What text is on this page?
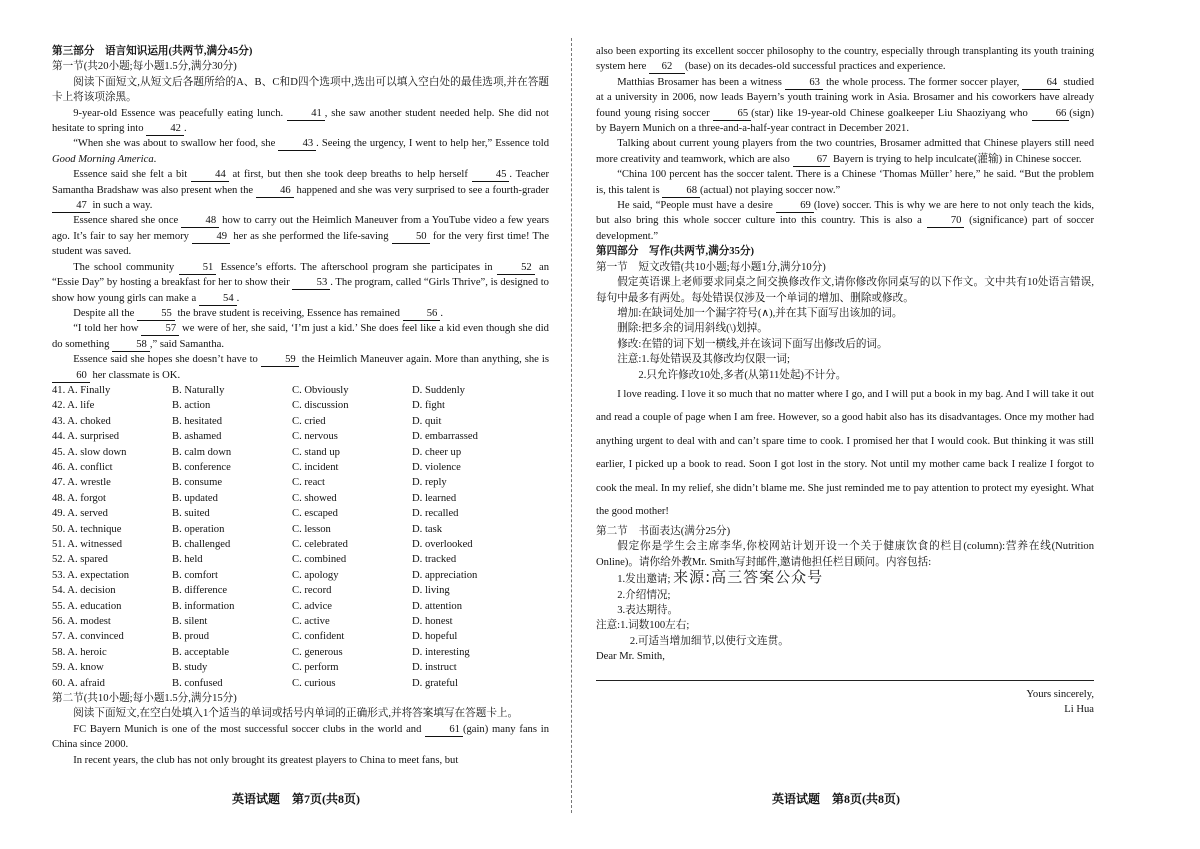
第三部分　语言知识运用(共两节,满分45分)
第一节(共20小题;每小题1.5分,满分30分)
阅读下面短文,从短文后各题所给的A、B、C和D四个选项中,选出可以填入空白处的最佳选项,并在答题卡上将该项涂黑。
9-year-old Essence was peacefully eating lunch.	41 , she saw another student needed help. She did not hesitate to spring into	42 .
“When she was about to swallow her food, she	43 . Seeing the urgency, I went to help her,” Essence told Good Morning America.
Essence said she felt a bit	44 at first, but then she took deep breaths to help herself	45 . Teacher Samantha Bradshaw was also present when the	46 happened and she was very surprised to see a fourth-grader 47 in such a way.
Essence shared she once	48 how to carry out the Heimlich Maneuver from a YouTube video a few years ago. It’s fair to say her memory	49 her as she performed the life-saving	50 for the very first time! The student was saved.
The school community	51 Essence’s efforts. The afterschool program she participates in	52 an “Essie Day” by hosting a breakfast for her to show their	53 . The program, called “Girls Thrive”, is designed to show how young girls can make a	54 .
Despite all the	55 the brave student is receiving, Essence has remained	56 .
“I told her how	57 we were of her, she said, ‘I’m just a kid.’ She does feel like a kid even though she did do something	58 ,” said Samantha.
Essence said she hopes she doesn’t have to	59 the Heimlich Maneuver again. More than anything, she is 60 her classmate is OK.
41. A. Finally	B. Naturally	C. Obviously	D. Suddenly
42. A. life	B. action	C. discussion	D. fight
43. A. choked	B. hesitated	C. cried	D. quit
44. A. surprised	B. ashamed	C. nervous	D. embarrassed
45. A. slow down	B. calm down	C. stand up	D. cheer up
46. A. conflict	B. conference	C. incident	D. violence
47. A. wrestle	B. consume	C. react	D. reply
48. A. forgot	B. updated	C. showed	D. learned
49. A. served	B. suited	C. escaped	D. recalled
50. A. technique	B. operation	C. lesson	D. task
51. A. witnessed	B. challenged	C. celebrated	D. overlooked
52. A. spared	B. held	C. combined	D. tracked
53. A. expectation	B. comfort	C. apology	D. appreciation
54. A. decision	B. difference	C. record	D. living
55. A. education	B. information	C. advice	D. attention
56. A. modest	B. silent	C. active	D. honest
57. A. convinced	B. proud	C. confident	D. hopeful
58. A. heroic	B. acceptable	C. generous	D. interesting
59. A. know	B. study	C. perform	D. instruct
60. A. afraid	B. confused	C. curious	D. grateful
第二节(共10小题;每小题1.5分,满分15分)
阅读下面短文,在空白处填入1个适当的单词或括号内单词的正确形式,并将答案填写在答题卡上。
FC Bayern Munich is one of the most successful soccer clubs in the world and	61 (gain) many fans in China since 2000.
In recent years, the club has not only brought its greatest players to China to meet fans, but
also been exporting its excellent soccer philosophy to the country, especially through transplanting its youth training system here 62 (base) on its decades-old successful practices and experience.
Matthias Brosamer has been a witness	63 the whole process. The former soccer player,	64 studied at a university in 2006, now leads Bayern’s youth training work in Asia. Brosamer and his coworkers have already found young rising soccer	65 (star) like 19-year-old Chinese goalkeeper Liu Shaoziyang who	66 (sign) by Bayern Munich on a three-and-a-half-year contract in December 2021.
Talking about current young players from the two countries, Brosamer admitted that Chinese players still need more creativity and teamwork, which are also	67 Bayern is trying to help inculcate(灌输) in Chinese soccer.
“China 100 percent has the soccer talent. There is a Chinese ‘Thomas Müller’ here,” he said. “But the problem is, this talent is	68 (actual) not playing soccer now.”
He said, “People must have a desire	69 (love) soccer. This is why we are here to not only teach the kids, but also bring this whole soccer culture into this country. This is also a	70 (significance) part of soccer development.”
第四部分　写作(共两节,满分35分)
第一节　短文改错(共10小题;每小题1分,满分10分)
假定英语课上老师要求同桌之间交换修改作文,请你修改你同桌写的以下作文。文中共有10处语言错误,每句中最多有两处。每处错误仅涉及一个单词的增加、删除或修改。
增加:在缺词处加一个漏字符号(∧),并在其下面写出该加的词。
删除:把多余的词用斜线(\)划掉。
修改:在错的词下划一横线,并在该词下面写出修改后的词。
注意:1.每处错误及其修改均仅限一词;
2.只允许修改10处,多者(从第11处起)不计分。
I love reading. I love it so much that no matter where I go, and I will put a book in my bag. And I will take it out and read a couple of page when I am free. However, so a good habit also has its disadvantages. Once my mother had anything urgent to deal with and can’t spare time to cook. I promised her that I would cook. But thinking it was still earlier, I picked up a book to read. Soon I got lost in the story. Not until my mother came back I realize I forgot to cook the meal. In my relief, she didn’t blame me. She just reminded me to pay attention to protect my eyesight. What the good mother!
第二节　书面表达(满分25分)
假定你是学生会主席李华,你校网站计划开设一个关于健康饮食的栏目(column):营养在线(Nutrition Online)。请你给外教Mr. Smith写封邮件,邀请他担任栏目顾问。内容包括:
1.发出邀请; 来源:高三答案公众号
2.介绍情况;
3.表达期待。
注意:1.词数100左右;
2.可适当增加细节,以使行文连贯。
Dear Mr. Smith,
Yours sincerely,
Li Hua
英语试题　第7页(共8页)	英语试题　第8页(共8页)
